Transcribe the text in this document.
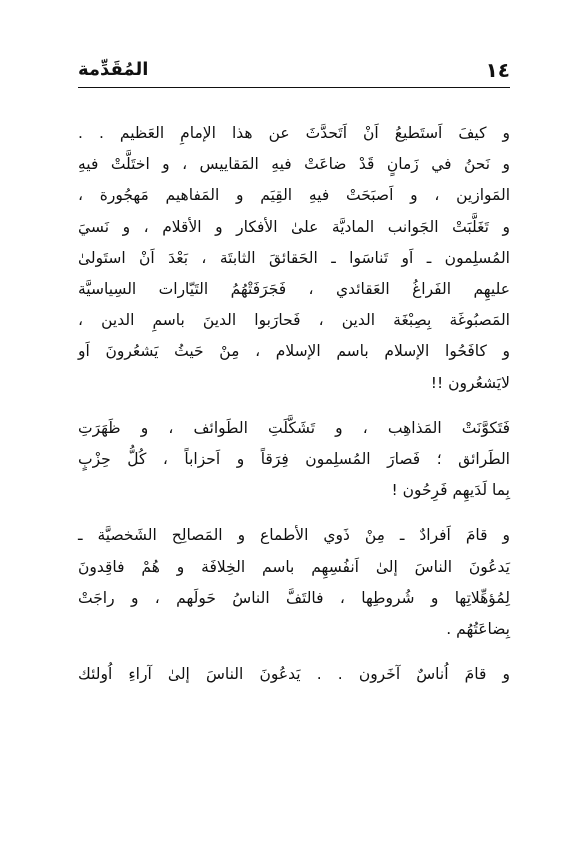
١٤
المُقَدِّمة

و كيفَ اَستَطيعُ اَنْ اَتَحدَّثَ عن هذا الإمامِ العَظيم . .
و نَحنُ في زَمانٍ قَدْ ضاعَتْ فيهِ المَقاييس ، و اختَلَّتْ فيهِ
المَوازين ، و اَصبَحَتْ فيهِ القِيَم و المَفاهيم مَهجُورة ،
و تَغَلَّبَتْ الجَوانب الماديَّة علىٰ الأفكار و الأقلام ، و نَسيَ
المُسلِمون ـ اَو تَناسَوا ـ الحَقائقَ الثابتَة ، بَعْدَ اَنْ استَولىٰ
عليهِم الفَراغُ العَقائدي ، فَجَرَفَتْهُمُ التَيّارات السِياسيَّة
المَصبُوغَة بِصِبْغَة الدين ، فَحارَبوا الدينَ باسمِ الدين ،
و كافَحُوا الإسلام باسم الإسلام ، مِنْ حَيثُ يَشعُرونَ اَو
لايَشعُرون !!

فَتَكوَّنَتْ المَذاهِب ، و تَشَكَّلَتِ الطَوائف ، و ظَهَرَتِ
الطَرائق ؛ فَصارَ المُسلِمون فِرَقاً و اَحزاباً ، كُلُّ حِزْبٍ
بِما لَدَيهِم فَرِحُون !

و قامَ اَفرادٌ ـ مِنْ ذَوي الأطماع و المَصالِح الشَخصيَّة ـ
يَدعُونَ الناسَ إلىٰ اَنفُسِهِم باسم الخِلافَة و هُمْ فاقِدونَ
لِمُؤهِّلاتِها و شُروطِها ، فالتَفَّ الناسُ حَولَهم ، و راجَتْ
بِضاعَتُهُم .

و قامَ اُناسٌ آخَرون . . يَدعُونَ الناسَ إلىٰ آراءِ اُولئك
